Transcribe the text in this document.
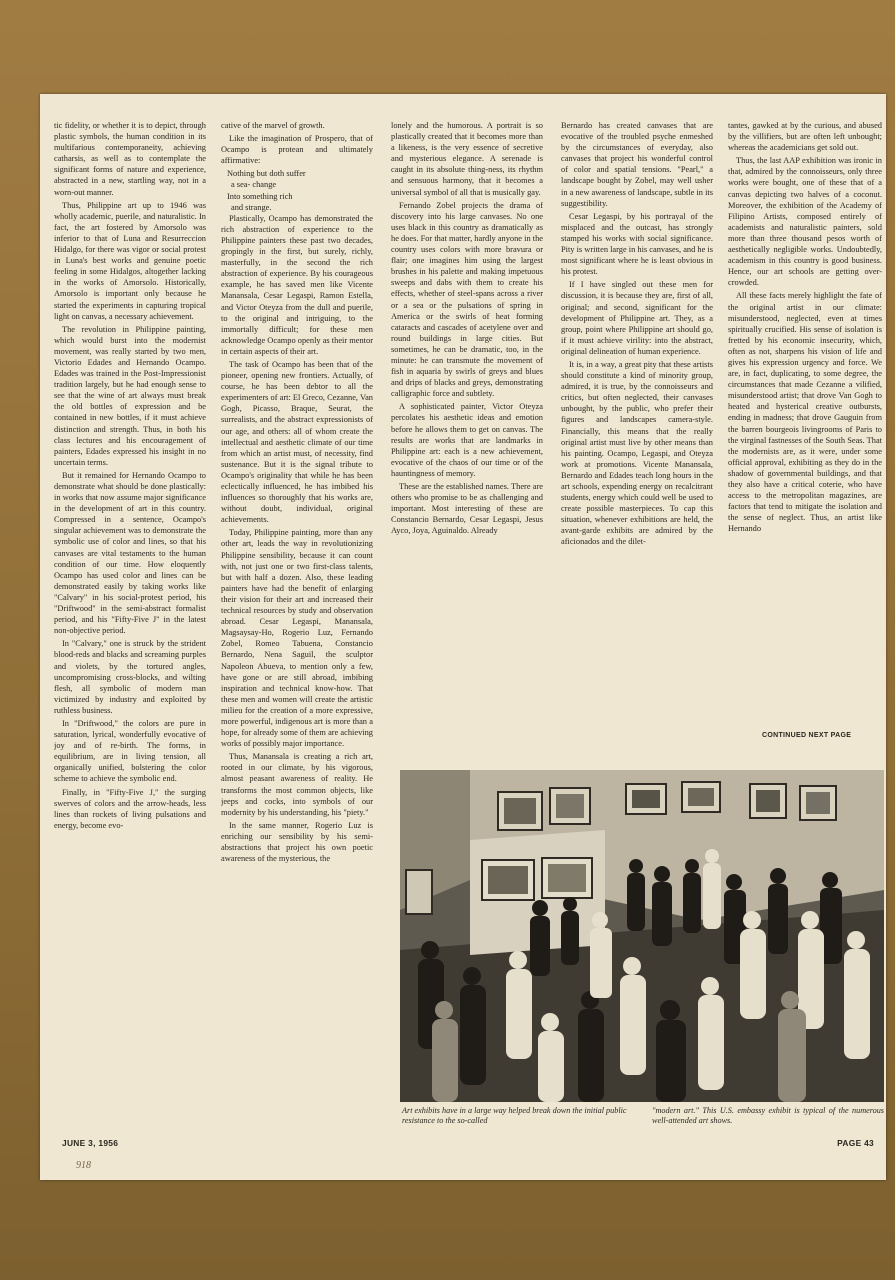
tic fidelity, or whether it is to depict, through plastic symbols, the human condition in its multifarious contemporaneity, achieving catharsis, as well as to contemplate the significant forms of nature and experience, abstracted in a new, startling way, not in a worn-out manner.

Thus, Philippine art up to 1946 was wholly academic, puerile, and naturalistic. In fact, the art fostered by Amorsolo was inferior to that of Luna and Resurreccion Hidalgo, for there was vigor or social protest in Luna's best works and genuine poetic feeling in some Hidalgos, altogether lacking in the works of Amorsolo. Historically, Amorsolo is important only because he started the experiments in capturing tropical light on canvas, a necessary achievement.

The revolution in Philippine painting, which would burst into the modernist movement, was really started by two men, Victorio Edades and Hernando Ocampo. Edades was trained in the Post-Impressionist tradition largely, but he had enough sense to see that the wine of art always must break the old bottles of expression and be contained in new bottles, if it must achieve distinction and strength. Thus, in both his class lectures and his encouragement of painters, Edades expressed his insight in no uncertain terms.

But it remained for Hernando Ocampo to demonstrate what should be done plastically: in works that now assume major significance in the development of art in this country. Compressed in a sentence, Ocampo's singular achievement was to demonstrate the symbolic use of color and lines, so that his canvases are vital testaments to the human condition of our time. How eloquently Ocampo has used color and lines can be demonstrated easily by taking works like "Calvary" in his social-protest period, his "Driftwood" in the semi-abstract formalist period, and his "Fifty-Five J" in the latest non-objective period.

In "Calvary," one is struck by the strident blood-reds and blacks and screaming purples and violets, by the tortured angles, uncompromising cross-blocks, and wilting flesh, all symbolic of modern man victimized by industry and exploited by ruthless business.

In "Driftwood," the colors are pure in saturation, lyrical, wonderfully evocative of joy and of re-birth. The forms, in equilibrium, are in living tension, all organically unified, bolstering the color scheme to achieve the symbolic end.

Finally, in "Fifty-Five J," the surging swerves of colors and the arrow-heads, less lines than rockets of living pulsations and energy, become evo-

cative of the marvel of growth.

Like the imagination of Prospero, that of Ocampo is protean and ultimately affirmative:

Nothing but doth suffer
a sea- change
Into something rich
and strange.

Plastically, Ocampo has demonstrated the rich abstraction of experience to the Philippine painters these past two decades, gropingly in the first, but surely, richly, masterfully, in the second the rich abstraction of experience. By his courageous example, he has saved men like Vicente Manansala, Cesar Legaspi, Ramon Estella, and Victor Oteyza from the dull and puerile, to the original and intriguing, to the immortally difficult; for these men acknowledge Ocampo openly as their mentor in certain aspects of their art.

The task of Ocampo has been that of the pioneer, opening new frontiers. Actually, of course, he has been debtor to all the experimenters of art: El Greco, Cezanne, Van Gogh, Picasso, Braque, Seurat, the surrealists, and the abstract expressionists of our age, and others: all of whom create the intellectual and aesthetic climate of our time from which an artist must, of necessity, find sustenance. But it is the signal tribute to Ocampo's originality that while he has been eclectically influenced, he has imbibed his influences so thoroughly that his works are, without doubt, individual, original achievements.

Today, Philippine painting, more than any other art, leads the way in revolutionizing Philippine sensibility, because it can count with, not just one or two first-class talents, but with half a dozen. Also, these leading painters have had the benefit of enlarging their vision for their art and increased their technical resources by study and observation abroad. Cesar Legaspi, Manansala, Magsaysay-Ho, Rogerio Luz, Fernando Zobel, Romeo Tabuena, Constancio Bernardo, Nena Saguil, the sculptor Napoleon Abueva, to mention only a few, have gone or are still abroad, imbibing inspiration and technical know-how. That these men and women will create the artistic milieu for the creation of a more expressive, more powerful, indigenous art is more than a hope, for already some of them are achieving works of possibly major importance.

Thus, Manansala is creating a rich art, rooted in our climate, by his vigorous, almost peasant awareness of reality. He transforms the most common objects, like jeeps and cocks, into symbols of our modernity by his understanding, his "piety."

In the same manner, Rogerio Luz is enriching our sensibility by his semi-abstractions that project his own poetic awareness of the mysterious, the

lonely and the humorous. A portrait is so plastically created that it becomes more than a likeness, is the very essence of secretive and mysterious elegance. A serenade is caught in its absolute thing-ness, its rhythm and sensuous harmony, that it becomes a universal symbol of all that is musically gay.

Fernando Zobel projects the drama of discovery into his large canvases. No one uses black in this country as dramatically as he does. For that matter, hardly anyone in the country uses colors with more bravura or flair; one imagines him using the largest brushes in his palette and making impetuous sweeps and dabs with them to create his effects, whether of steel-spans across a river or a sea or the pulsations of spring in America or the swirls of heat forming cataracts and cascades of acetylene over and round buildings in large cities. But sometimes, he can be dramatic, too, in the minute: he can transmute the movement of fish in aquaria by swirls of greys and blues and drips of blacks and greys, demonstrating calligraphic force and subtlety.

A sophisticated painter, Victor Oteyza percolates his aesthetic ideas and emotion before he allows them to get on canvas. The results are works that are landmarks in Philippine art: each is a new achievement, evocative of the chaos of our time or of the hauntingness of memory.

These are the established names. There are others who promise to be as challenging and important. Most interesting of these are Constancio Bernardo, Cesar Legaspi, Jesus Ayco, Joya, Aguinaldo. Already

Bernardo has created canvases that are evocative of the troubled psyche enmeshed by the circumstances of everyday, also canvases that project his wonderful control of color and spatial tensions. "Pearl," a landscape bought by Zobel, may well usher in a new awareness of landscape, subtle in its suggestibility.

Cesar Legaspi, by his portrayal of the misplaced and the outcast, has strongly stamped his works with social significance. Pity is written large in his canvases, and he is most significant where he is least obvious in his protest.

If I have singled out these men for discussion, it is because they are, first of all, original; and second, significant for the development of Philippine art. They, as a group, point where Philippine art should go, if it must achieve virility: into the abstract, original delineation of human experience.

It is, in a way, a great pity that these artists should constitute a kind of minority group, admired, it is true, by the connoisseurs and critics, but often neglected, their canvases unbought, by the public, who prefer their figures and landscapes camera-style. Financially, this means that the really original artist must live by other means than his painting. Ocampo, Legaspi, and Oteyza work at promotions. Vicente Manansala, Bernardo and Edades teach long hours in the art schools, expending energy on recalcitrant students, energy which could well be used to create possible masterpieces. To cap this situation, whenever exhibitions are held, the avant-garde exhibits are admired by the aficionados and the dilet-

tantes, gawked at by the curious, and abused by the villifiers, but are often left unbought; whereas the academicians get sold out.

Thus, the last AAP exhibition was ironic in that, admired by the connoisseurs, only three works were bought, one of these that of a canvas depicting two halves of a coconut. Moreover, the exhibition of the Academy of Filipino Artists, composed entirely of academists and naturalistic painters, sold more than three thousand pesos worth of aesthetically negligible works. Undoubtedly, academism in this country is good business. Hence, our art schools are getting over-crowded.

All these facts merely highlight the fate of the original artist in our climate: misunderstood, neglected, even at times spiritually crucified. His sense of isolation is fretted by his economic insecurity, which, often as not, sharpens his vision of life and gives his expression urgency and force. We are, in fact, duplicating, to some degree, the circumstances that made Cezanne a vilified, misunderstood artist; that drove Van Gogh to heated and hysterical creative outbursts, ending in madness; that drove Gauguin from the barren bourgeois livingrooms of Paris to the virginal fastnesses of the South Seas. That the modernists are, as it were, under some official approval, exhibiting as they do in the shadow of governmental buildings, and that they also have a critical coterie, who have access to the metropolitan magazines, are factors that tend to mitigate the isolation and the sense of neglect. Thus, an artist like Hernando

CONTINUED NEXT PAGE
Art exhibits have in a large way helped break down the initial public resistance to the so-called
"modern art." This U.S. embassy exhibit is typical of the numerous well-attended art shows.
JUNE 3, 1956	PAGE 43
918
